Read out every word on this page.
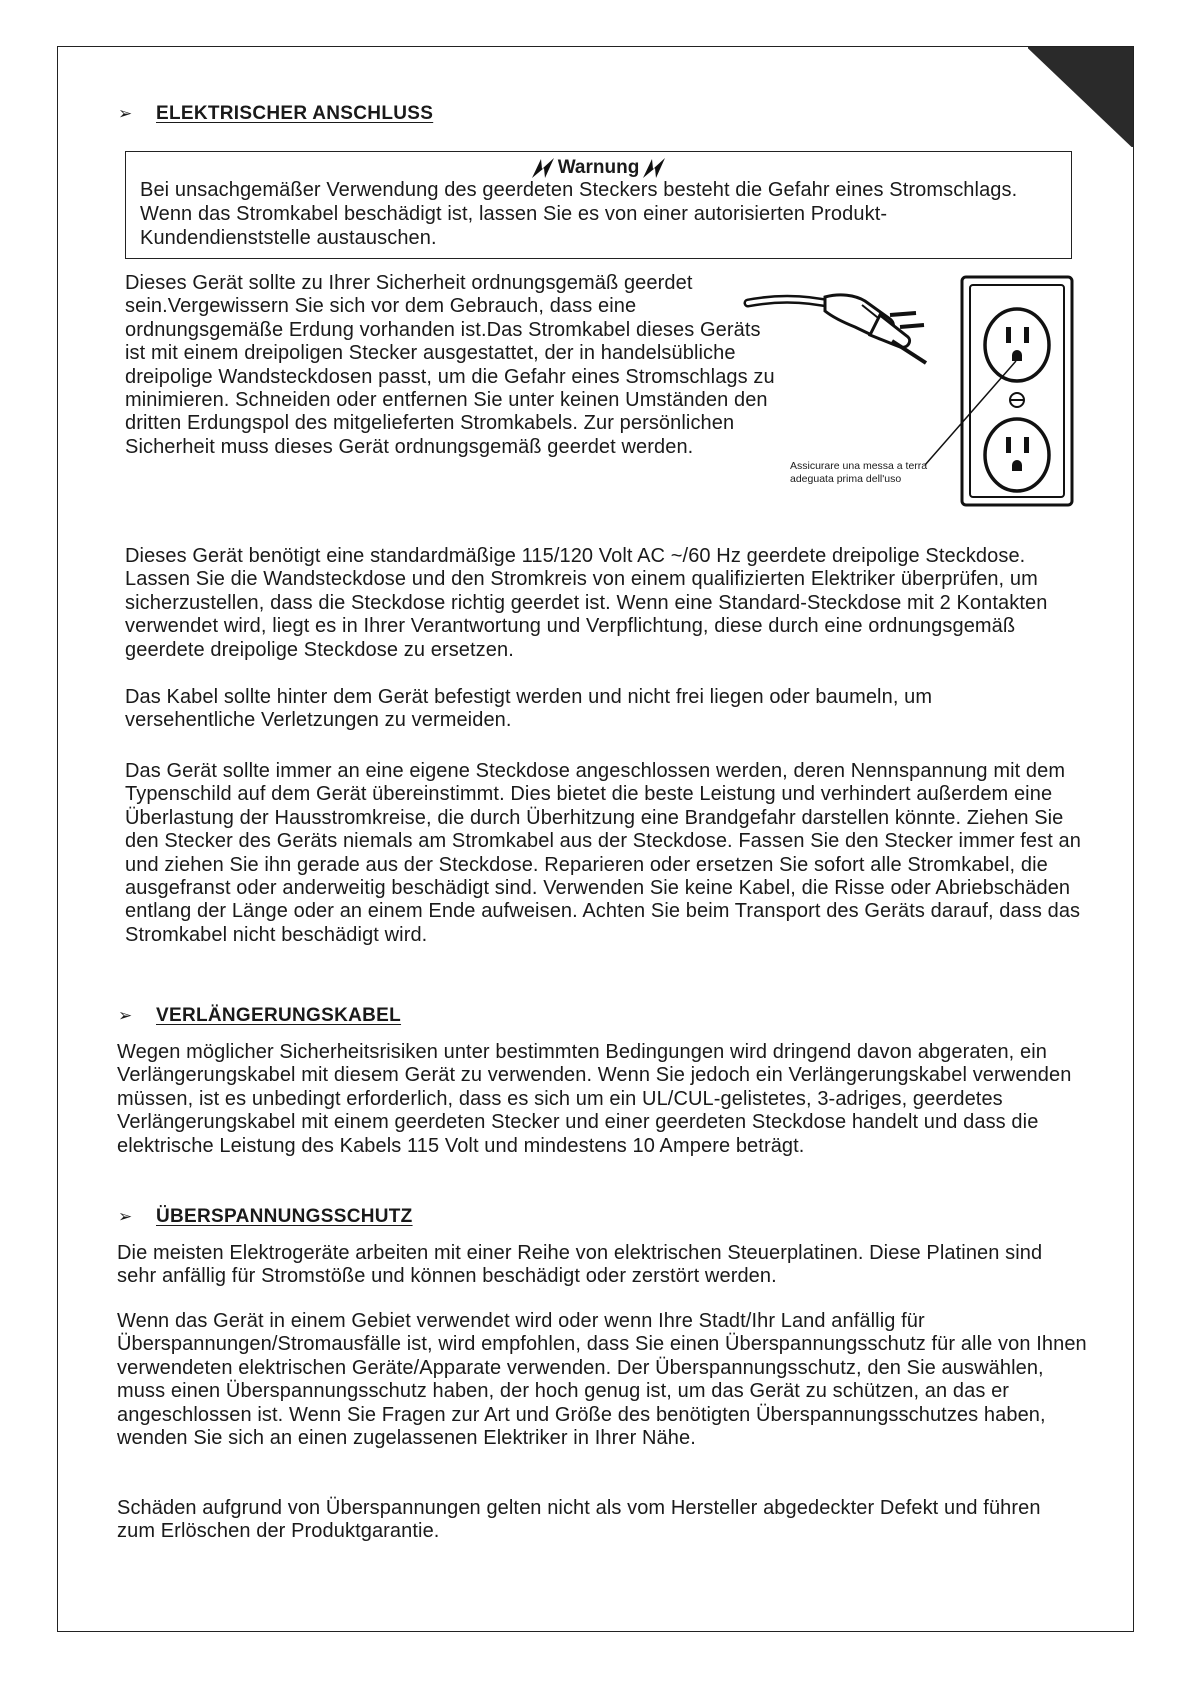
➢	ELEKTRISCHER ANSCHLUSS
Warnung
Bei unsachgemäßer Verwendung des geerdeten Steckers besteht die Gefahr eines Stromschlags. Wenn das Stromkabel beschädigt ist, lassen Sie es von einer autorisierten Produkt-Kundendienststelle austauschen.

Dieses Gerät sollte zu Ihrer Sicherheit ordnungsgemäß geerdet sein.Vergewissern Sie sich vor dem Gebrauch, dass eine ordnungsgemäße Erdung vorhanden ist.Das Stromkabel dieses Geräts ist mit einem dreipoligen Stecker ausgestattet, der in handelsübliche dreipolige Wandsteckdosen passt, um die Gefahr eines Stromschlags zu minimieren. Schneiden oder entfernen Sie unter keinen Umständen den dritten Erdungspol des mitgelieferten Stromkabels. Zur persönlichen Sicherheit muss dieses Gerät ordnungsgemäß geerdet werden.

Assicurare una messa a terra adeguata prima dell'uso

Dieses Gerät benötigt eine standardmäßige 115/120 Volt AC ~/60 Hz geerdete dreipolige Steckdose. Lassen Sie die Wandsteckdose und den Stromkreis von einem qualifizierten Elektriker überprüfen, um sicherzustellen, dass die Steckdose richtig geerdet ist. Wenn eine Standard-Steckdose mit 2 Kontakten verwendet wird, liegt es in Ihrer Verantwortung und Verpflichtung, diese durch eine ordnungsgemäß geerdete dreipolige Steckdose zu ersetzen.

Das Kabel sollte hinter dem Gerät befestigt werden und nicht frei liegen oder baumeln, um versehentliche Verletzungen zu vermeiden.

Das Gerät sollte immer an eine eigene Steckdose angeschlossen werden, deren Nennspannung mit dem Typenschild auf dem Gerät übereinstimmt. Dies bietet die beste Leistung und verhindert außerdem eine Überlastung der Hausstromkreise, die durch Überhitzung eine Brandgefahr darstellen könnte. Ziehen Sie den Stecker des Geräts niemals am Stromkabel aus der Steckdose. Fassen Sie den Stecker immer fest an und ziehen Sie ihn gerade aus der Steckdose. Reparieren oder ersetzen Sie sofort alle Stromkabel, die ausgefranst oder anderweitig beschädigt sind. Verwenden Sie keine Kabel, die Risse oder Abriebschäden entlang der Länge oder an einem Ende aufweisen. Achten Sie beim Transport des Geräts darauf, dass das Stromkabel nicht beschädigt wird.

➢	VERLÄNGERUNGSKABEL

Wegen möglicher Sicherheitsrisiken unter bestimmten Bedingungen wird dringend davon abgeraten, ein Verlängerungskabel mit diesem Gerät zu verwenden. Wenn Sie jedoch ein Verlängerungskabel verwenden müssen, ist es unbedingt erforderlich, dass es sich um ein UL/CUL-gelistetes, 3-adriges, geerdetes Verlängerungskabel mit einem geerdeten Stecker und einer geerdeten Steckdose handelt und dass die elektrische Leistung des Kabels 115 Volt und mindestens 10 Ampere beträgt.

➢	ÜBERSPANNUNGSSCHUTZ

Die meisten Elektrogeräte arbeiten mit einer Reihe von elektrischen Steuerplatinen. Diese Platinen sind sehr anfällig für Stromstöße und können beschädigt oder zerstört werden.

Wenn das Gerät in einem Gebiet verwendet wird oder wenn Ihre Stadt/Ihr Land anfällig für Überspannungen/Stromausfälle ist, wird empfohlen, dass Sie einen Überspannungsschutz für alle von Ihnen verwendeten elektrischen Geräte/Apparate verwenden. Der Überspannungsschutz, den Sie auswählen, muss einen Überspannungsschutz haben, der hoch genug ist, um das Gerät zu schützen, an das er angeschlossen ist. Wenn Sie Fragen zur Art und Größe des benötigten Überspannungsschutzes haben, wenden Sie sich an einen zugelassenen Elektriker in Ihrer Nähe.

Schäden aufgrund von Überspannungen gelten nicht als vom Hersteller abgedeckter Defekt und führen zum Erlöschen der Produktgarantie.
